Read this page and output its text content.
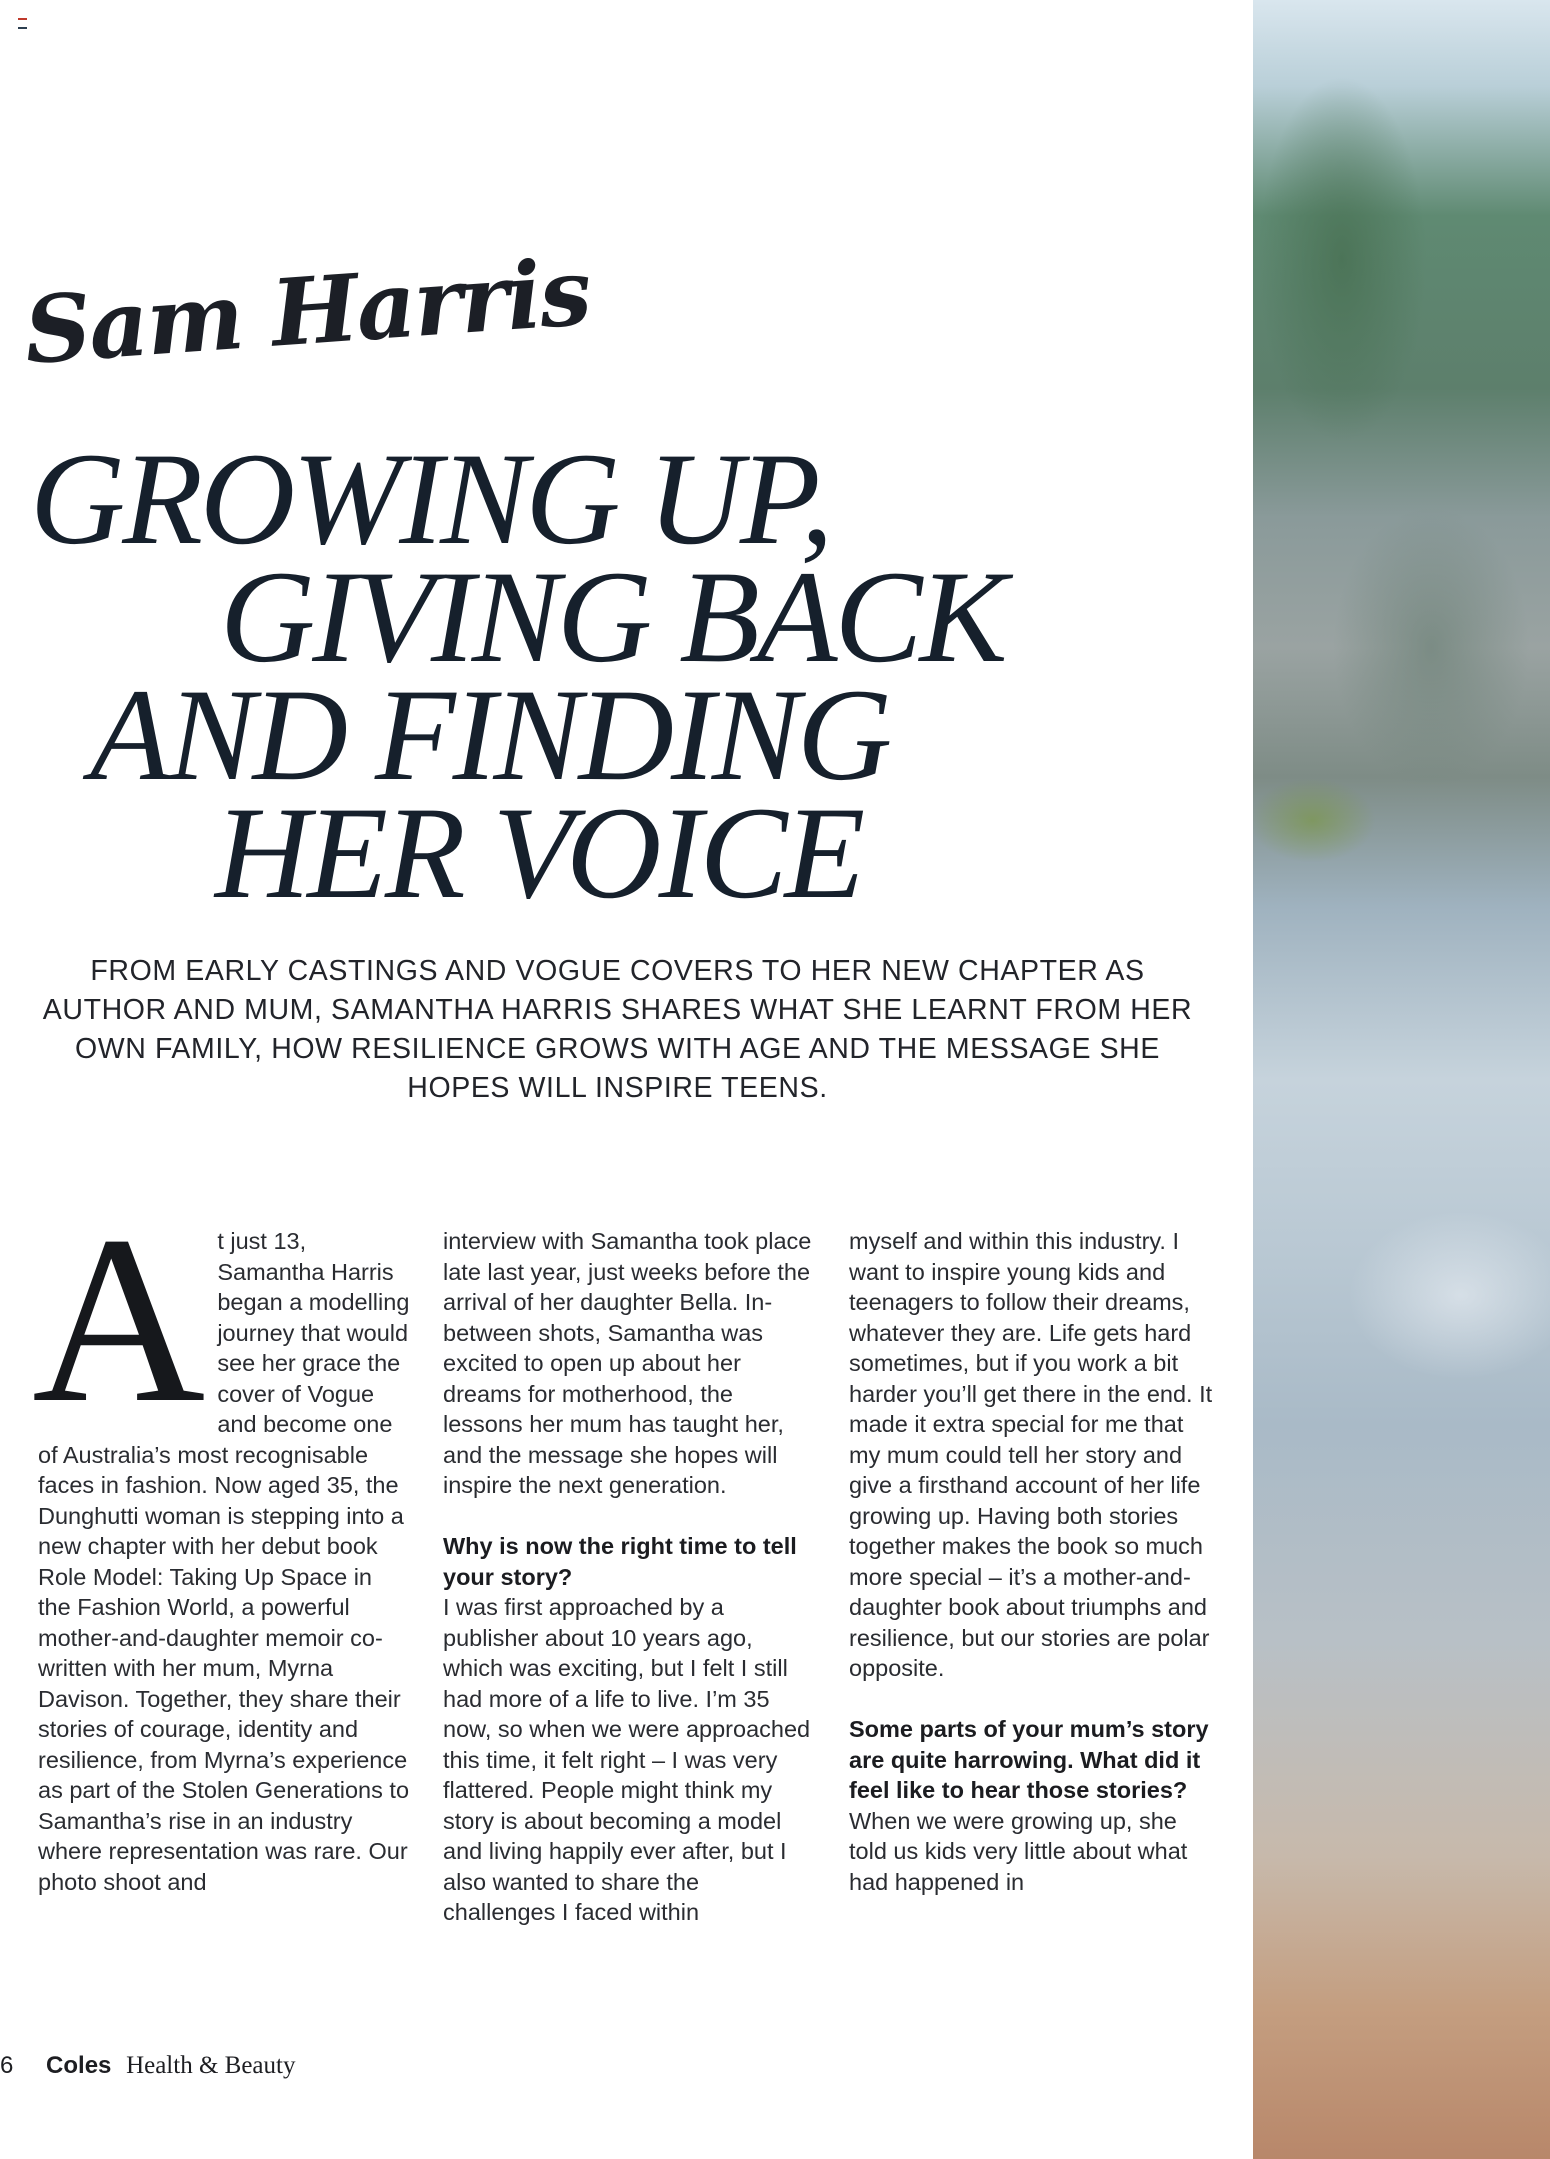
Sam Harris
GROWING UP,
GIVING BACK
AND FINDING
HER VOICE

FROM EARLY CASTINGS AND VOGUE COVERS TO HER NEW CHAPTER AS AUTHOR AND MUM, SAMANTHA HARRIS SHARES WHAT SHE LEARNT FROM HER OWN FAMILY, HOW RESILIENCE GROWS WITH AGE AND THE MESSAGE SHE HOPES WILL INSPIRE TEENS.

A t just 13, Samantha Harris began a modelling journey that would see her grace the cover of Vogue and become one of Australia’s most recognisable faces in fashion. Now aged 35, the Dunghutti woman is stepping into a new chapter with her debut book Role Model: Taking Up Space in the Fashion World, a powerful mother-and-daughter memoir co-written with her mum, Myrna Davison. Together, they share their stories of courage, identity and resilience, from Myrna’s experience as part of the Stolen Generations to Samantha’s rise in an industry where representation was rare. Our photo shoot and

interview with Samantha took place late last year, just weeks before the arrival of her daughter Bella. In-between shots, Samantha was excited to open up about her dreams for motherhood, the lessons her mum has taught her, and the message she hopes will inspire the next generation.

Why is now the right time to tell your story?

I was first approached by a publisher about 10 years ago, which was exciting, but I felt I still had more of a life to live. I’m 35 now, so when we were approached this time, it felt right – I was very flattered. People might think my story is about becoming a model and living happily ever after, but I also wanted to share the challenges I faced within

myself and within this industry. I want to inspire young kids and teenagers to follow their dreams, whatever they are. Life gets hard sometimes, but if you work a bit harder you’ll get there in the end. It made it extra special for me that my mum could tell her story and give a firsthand account of her life growing up. Having both stories together makes the book so much more special – it’s a mother-and-daughter book about triumphs and resilience, but our stories are polar opposite.

Some parts of your mum’s story are quite harrowing. What did it feel like to hear those stories?

When we were growing up, she told us kids very little about what had happened in

6 Coles Health & Beauty
